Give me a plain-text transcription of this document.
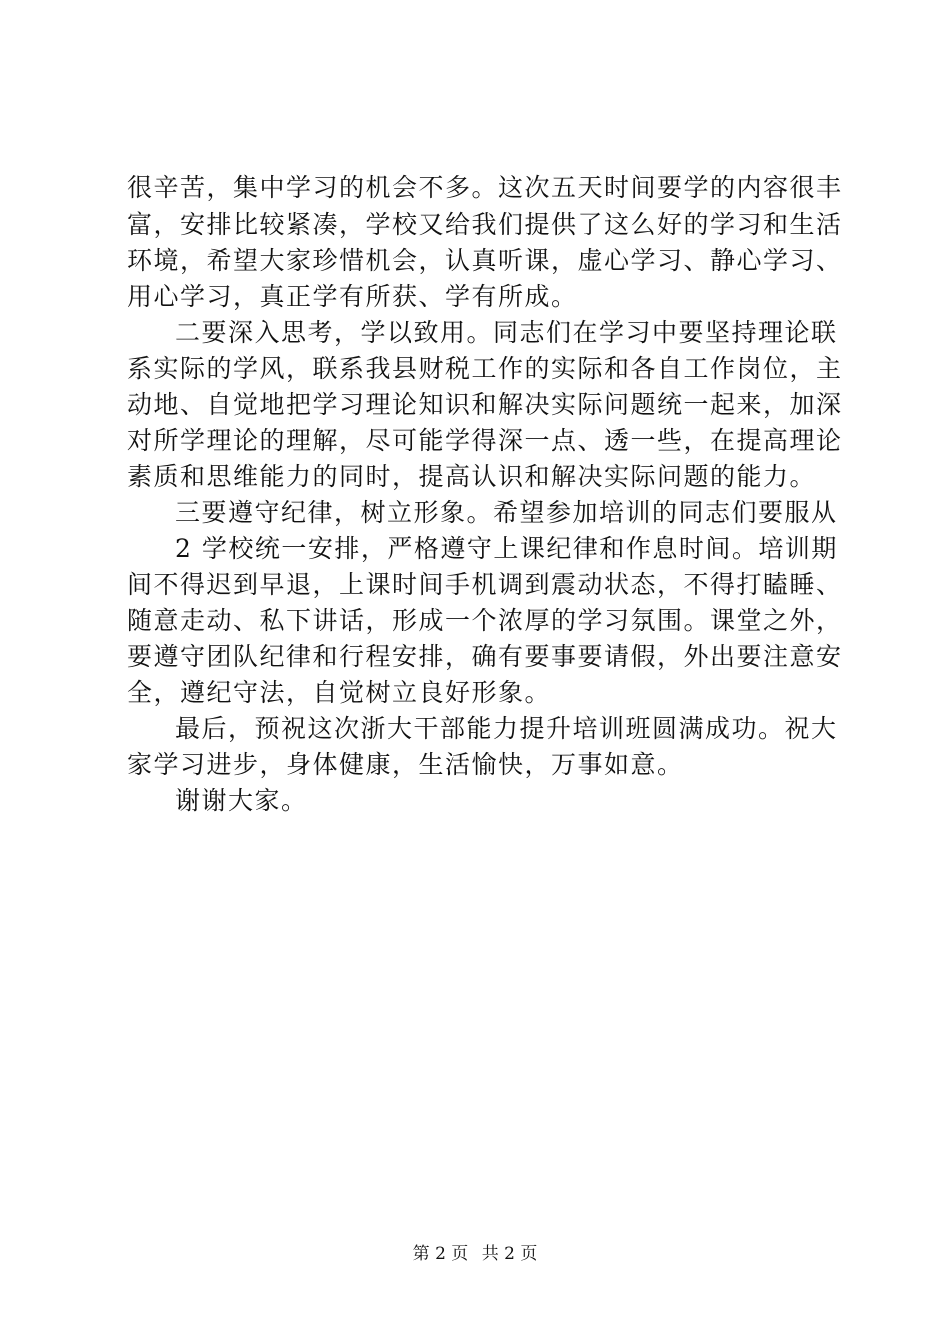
很辛苦，集中学习的机会不多。这次五天时间要学的内容很丰
富，安排比较紧凑，学校又给我们提供了这么好的学习和生活
环境，希望大家珍惜机会，认真听课，虚心学习、静心学习、
用心学习，真正学有所获、学有所成。
二要深入思考，学以致用。同志们在学习中要坚持理论联
系实际的学风，联系我县财税工作的实际和各自工作岗位，主
动地、自觉地把学习理论知识和解决实际问题统一起来，加深
对所学理论的理解，尽可能学得深一点、透一些，在提高理论
素质和思维能力的同时，提高认识和解决实际问题的能力。
三要遵守纪律，树立形象。希望参加培训的同志们要服从
2 学校统一安排，严格遵守上课纪律和作息时间。培训期
间不得迟到早退，上课时间手机调到震动状态，不得打瞌睡、
随意走动、私下讲话，形成一个浓厚的学习氛围。课堂之外，
要遵守团队纪律和行程安排，确有要事要请假，外出要注意安
全，遵纪守法，自觉树立良好形象。
最后，预祝这次浙大干部能力提升培训班圆满成功。祝大
家学习进步，身体健康，生活愉快，万事如意。
谢谢大家。
第 2 页 共 2 页
